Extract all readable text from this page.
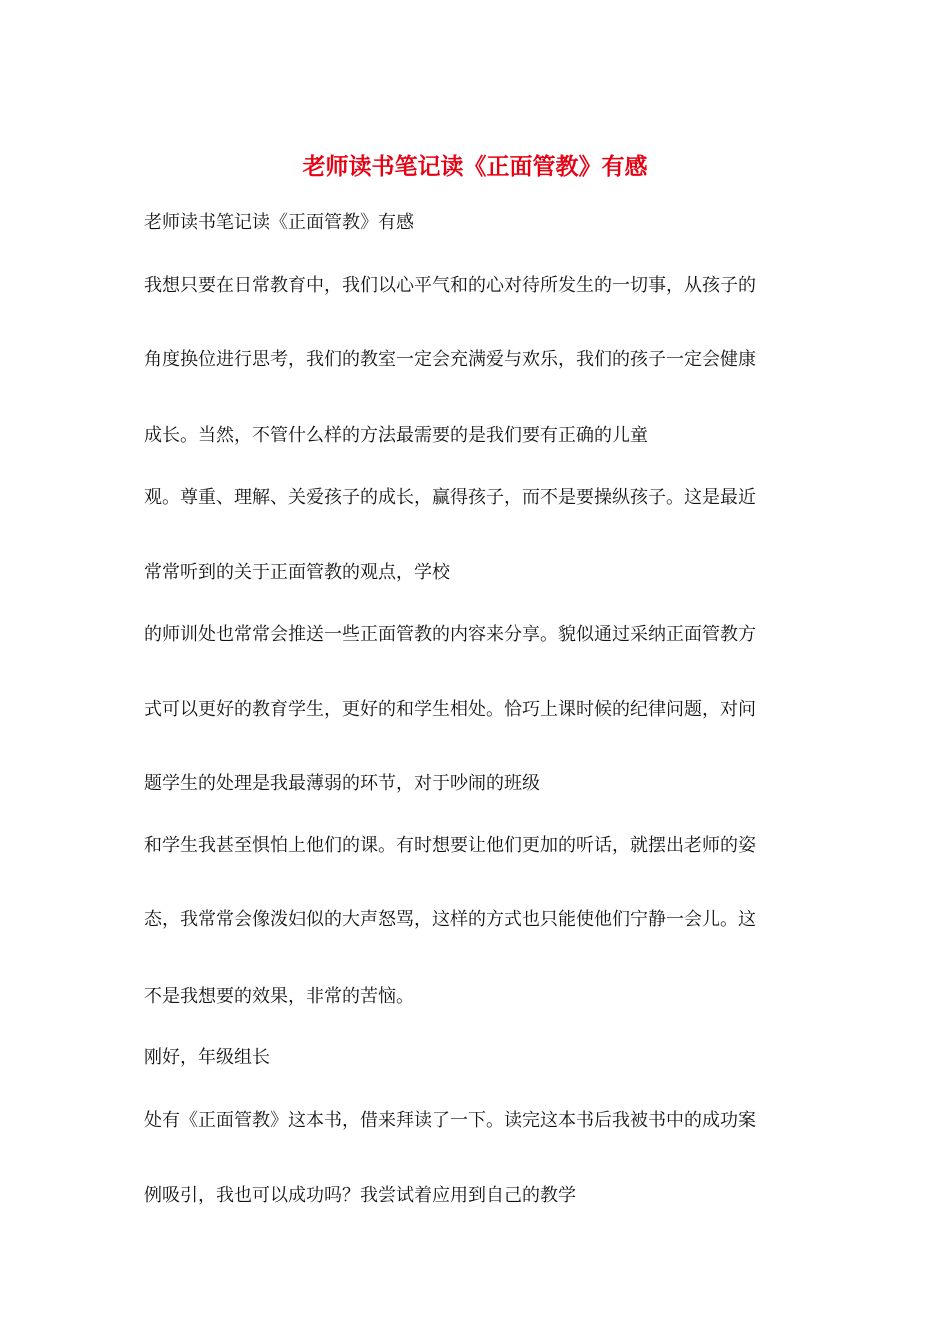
老师读书笔记读《正面管教》有感

老师读书笔记读《正面管教》有感

我想只要在日常教育中，我们以心平气和的心对待所发生的一切事，从孩子的

角度换位进行思考，我们的教室一定会充满爱与欢乐，我们的孩子一定会健康

成长。当然，不管什么样的方法最需要的是我们要有正确的儿童

观。尊重、理解、关爱孩子的成长，赢得孩子，而不是要操纵孩子。这是最近

常常听到的关于正面管教的观点，学校

的师训处也常常会推送一些正面管教的内容来分享。貌似通过采纳正面管教方

式可以更好的教育学生，更好的和学生相处。恰巧上课时候的纪律问题，对问

题学生的处理是我最薄弱的环节，对于吵闹的班级

和学生我甚至惧怕上他们的课。有时想要让他们更加的听话，就摆出老师的姿

态，我常常会像泼妇似的大声怒骂，这样的方式也只能使他们宁静一会儿。这

不是我想要的效果，非常的苦恼。

刚好，年级组长

处有《正面管教》这本书，借来拜读了一下。读完这本书后我被书中的成功案

例吸引，我也可以成功吗？我尝试着应用到自己的教学
